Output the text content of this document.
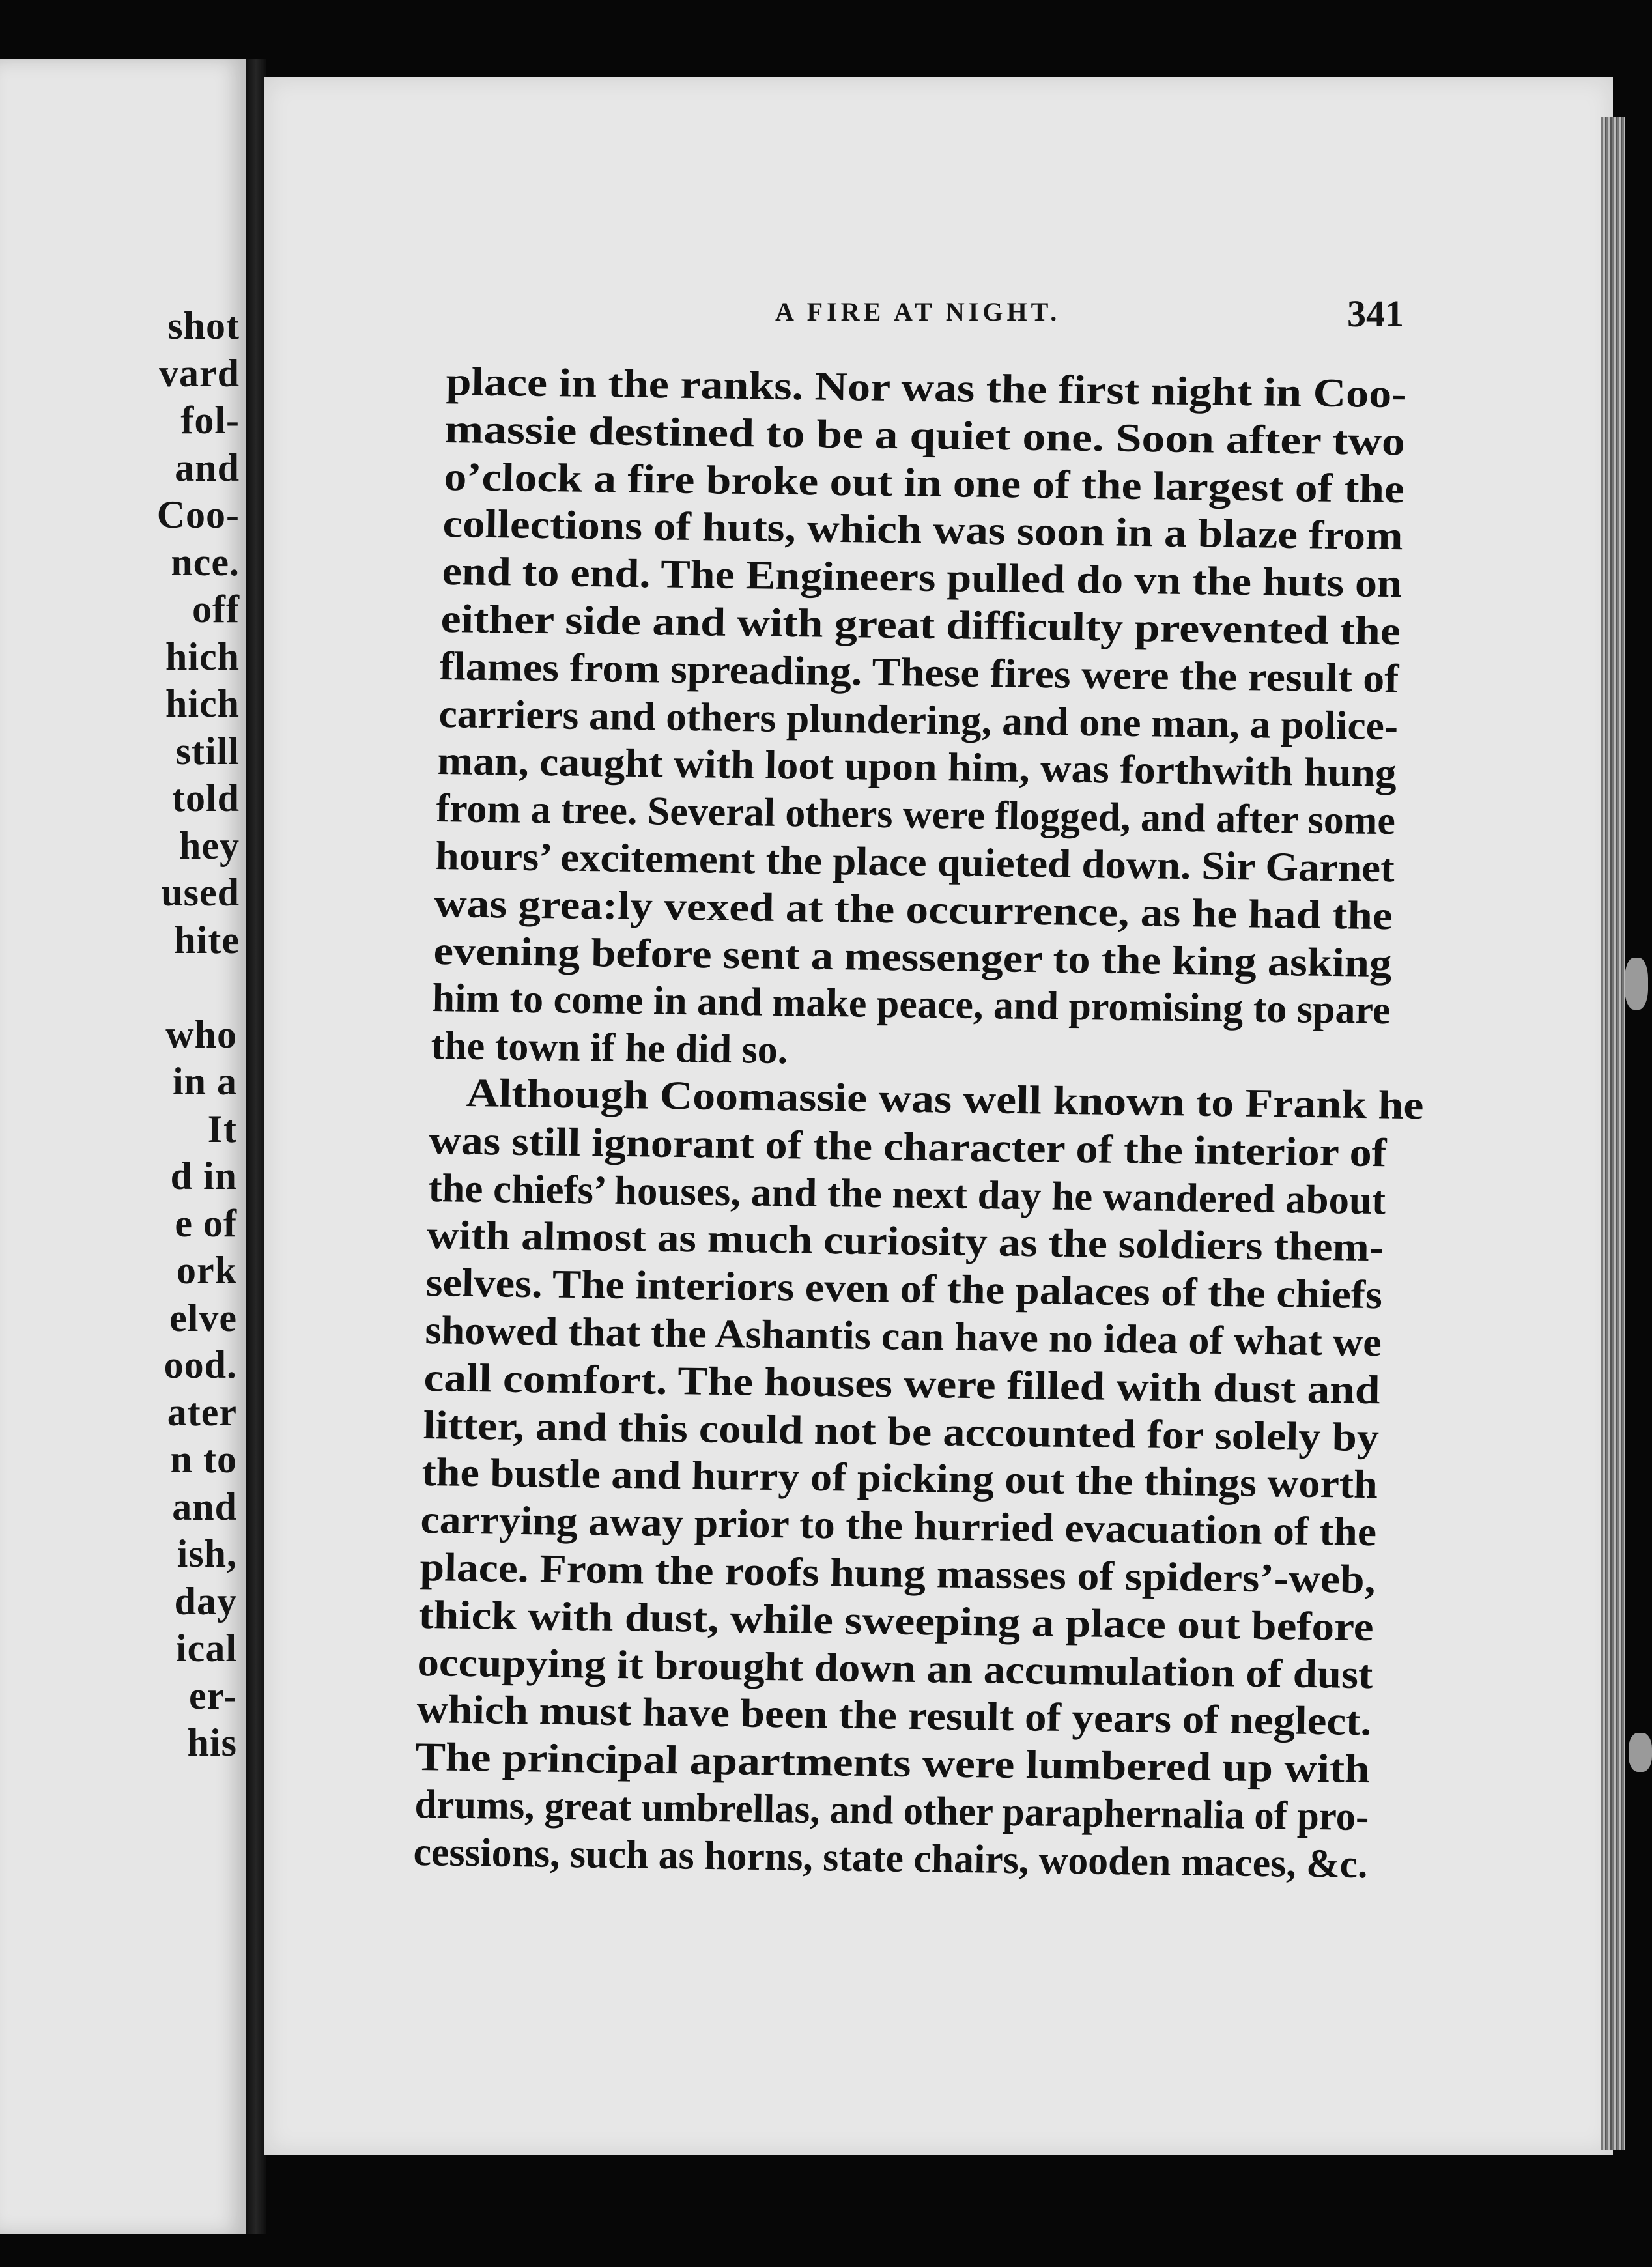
shot
vard
fol-
and
Coo-
nce.
off
hich
hich
still
told
hey
used
hite
who
in a
It
d in
e of
ork
elve
ood.
ater
n to
and
ish,
day
ical
er-
his
A FIRE AT NIGHT.	341
place in the ranks. Nor was the first night in Coo-
massie destined to be a quiet one. Soon after two
o’clock a fire broke out in one of the largest of the
collections of huts, which was soon in a blaze from
end to end. The Engineers pulled do vn the huts on
either side and with great difficulty prevented the
flames from spreading. These fires were the result of
carriers and others plundering, and one man, a police-
man, caught with loot upon him, was forthwith hung
from a tree. Several others were flogged, and after some
hours’ excitement the place quieted down. Sir Garnet
was grea:ly vexed at the occurrence, as he had the
evening before sent a messenger to the king asking
him to come in and make peace, and promising to spare
the town if he did so.
Although Coomassie was well known to Frank he
was still ignorant of the character of the interior of
the chiefs’ houses, and the next day he wandered about
with almost as much curiosity as the soldiers them-
selves. The interiors even of the palaces of the chiefs
showed that the Ashantis can have no idea of what we
call comfort. The houses were filled with dust and
litter, and this could not be accounted for solely by
the bustle and hurry of picking out the things worth
carrying away prior to the hurried evacuation of the
place. From the roofs hung masses of spiders’-web,
thick with dust, while sweeping a place out before
occupying it brought down an accumulation of dust
which must have been the result of years of neglect.
The principal apartments were lumbered up with
drums, great umbrellas, and other paraphernalia of pro-
cessions, such as horns, state chairs, wooden maces, &c.
